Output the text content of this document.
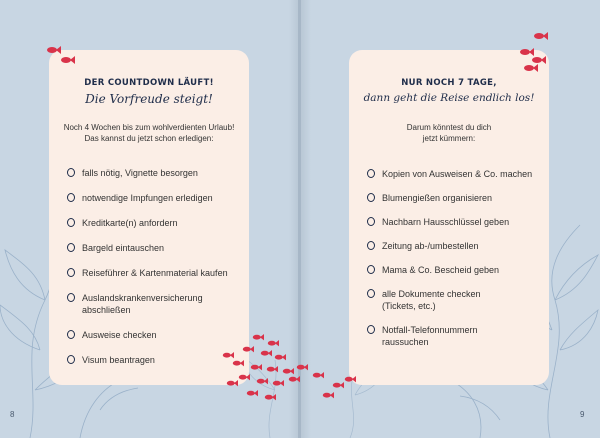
DER COUNTDOWN LÄUFT!
Die Vorfreude steigt!
Noch 4 Wochen bis zum wohlverdienten Urlaub!
Das kannst du jetzt schon erledigen:
falls nötig, Vignette besorgen
notwendige Impfungen erledigen
Kreditkarte(n) anfordern
Bargeld eintauschen
Reiseführer & Kartenmaterial kaufen
Auslandskrankenversicherung abschließen
Ausweise checken
Visum beantragen
NUR NOCH 7 TAGE,
dann geht die Reise endlich los!
Darum könntest du dich
jetzt kümmern:
Kopien von Ausweisen & Co. machen
Blumengießen organisieren
Nachbarn Hausschlüssel geben
Zeitung ab-/umbestellen
Mama & Co. Bescheid geben
alle Dokumente checken (Tickets, etc.)
Notfall-Telefonnummern raussuchen
8	9
